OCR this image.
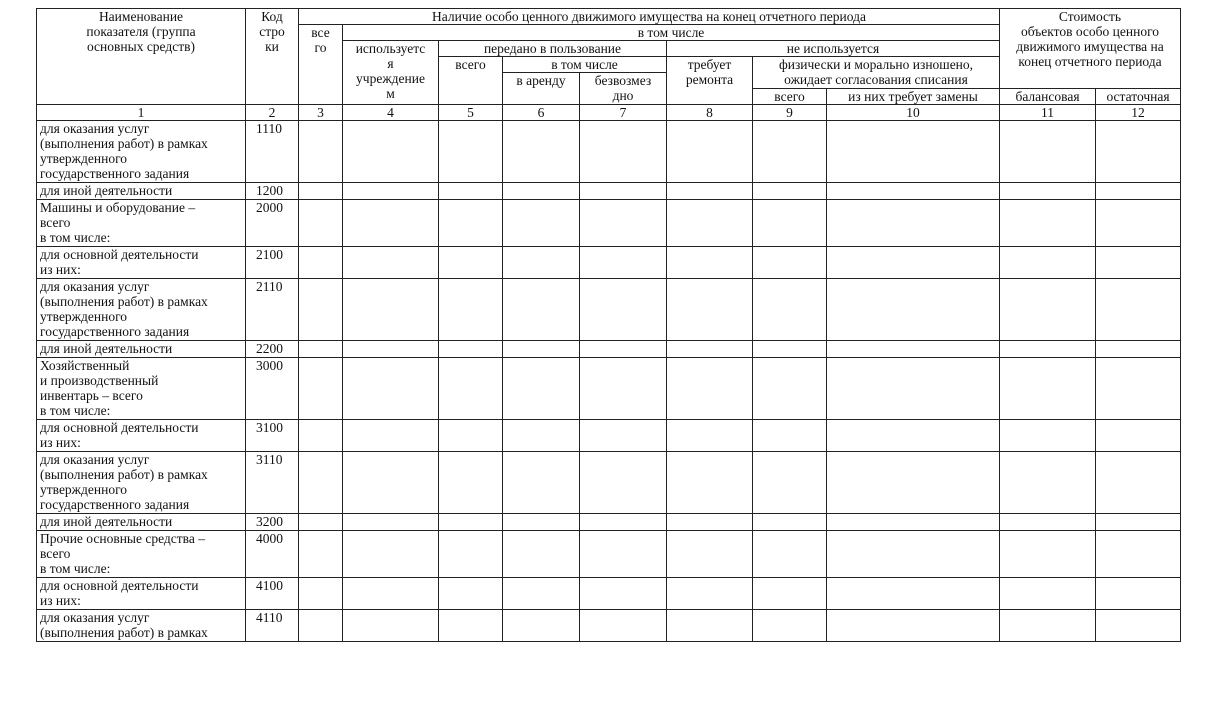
Наименование
показателя (группа
основных средств)	Код
стро
ки	Наличие особо ценного движимого имущества на конец отчетного периода								Стоимость
объектов особо ценного
движимого имущества на
конец отчетного периода	
		все
го	в том числе								
			используетс
я
учреждение
м	передано в пользование			не используется				
				всего	в том числе		требует
ремонта	физически и морально изношено,
ожидает согласования списания			
					в аренду	безвозмез
дно					
								всего	из них требует замены	балансовая	остаточная
1	2	3	4	5	6	7	8	9	10	11	12
для оказания услуг
(выполнения работ) в рамках
утвержденного
государственного задания	1110										
для иной деятельности	1200										
Машины и оборудование –
всего
в том числе:	2000										
для основной деятельности
из них:	2100										
для оказания услуг
(выполнения работ) в рамках
утвержденного
государственного задания	2110										
для иной деятельности	2200										
Хозяйственный
и производственный
инвентарь – всего
в том числе:	3000										
для основной деятельности
из них:	3100										
для оказания услуг
(выполнения работ) в рамках
утвержденного
государственного задания	3110										
для иной деятельности	3200										
Прочие основные средства –
всего
в том числе:	4000										
для основной деятельности
из них:	4100										
для оказания услуг
(выполнения работ) в рамках	4110										
